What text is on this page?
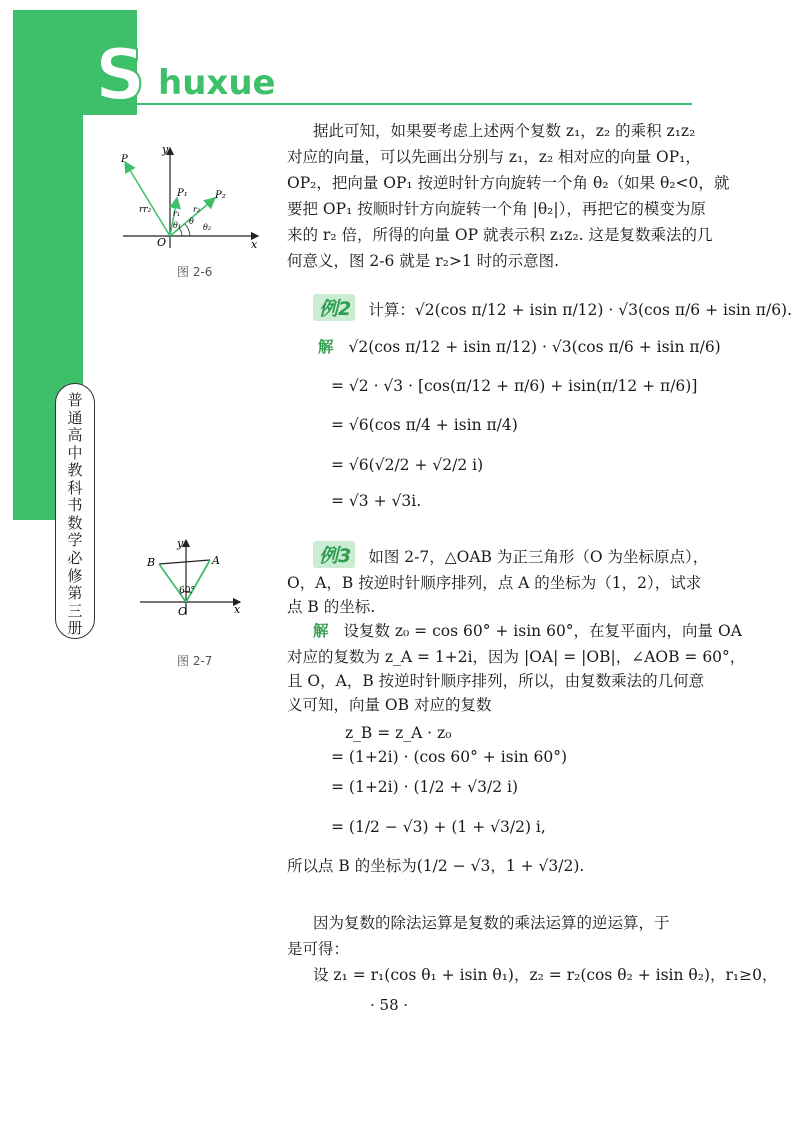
S huxue
普
通
高
中
教
科
书
数
学
必
修
第
三
册
y
x
O
P
P₁	P₂
rr₂	r₁ r₂
θ₁ θ
θ₂
图 2-6
据此可知，如果要考虑上述两个复数 z₁，z₂ 的乘积 z₁z₂
对应的向量，可以先画出分别与 z₁，z₂ 相对应的向量 OP₁，
OP₂，把向量 OP₁ 按逆时针方向旋转一个角 θ₂（如果 θ₂<0，就
要把 OP₁ 按顺时针方向旋转一个角 |θ₂|），再把它的模变为原
来的 r₂ 倍，所得的向量 OP 就表示积 z₁z₂. 这是复数乘法的几
何意义，图 2-6 就是 r₂>1 时的示意图.
例2 计算：√2(cos π/12 + isin π/12) · √3(cos π/6 + isin π/6).
解 √2(cos π/12 + isin π/12) · √3(cos π/6 + isin π/6)
= √2 · √3 · [cos(π/12 + π/6) + isin(π/12 + π/6)]
= √6(cos π/4 + isin π/4)
= √6(√2/2 + √2/2 i)
= √3 + √3i.
y
x
O
A
B
60°
图 2-7
例3 如图 2-7，△OAB 为正三角形（O 为坐标原点），
O，A，B 按逆时针顺序排列，点 A 的坐标为（1，2），试求
点 B 的坐标.
解 设复数 z₀ = cos 60° + isin 60°，在复平面内，向量 OA
对应的复数为 z_A = 1+2i，因为 |OA| = |OB|，∠AOB = 60°，
且 O，A，B 按逆时针顺序排列，所以，由复数乘法的几何意
义可知，向量 OB 对应的复数
z_B = z_A · z₀
= (1+2i) · (cos 60° + isin 60°)
= (1+2i) · (1/2 + √3/2 i)
= (1/2 − √3) + (1 + √3/2) i,
所以点 B 的坐标为(1/2 − √3，1 + √3/2).
因为复数的除法运算是复数的乘法运算的逆运算，于
是可得：
设 z₁ = r₁(cos θ₁ + isin θ₁)，z₂ = r₂(cos θ₂ + isin θ₂)，r₁≥0，
· 58 ·
